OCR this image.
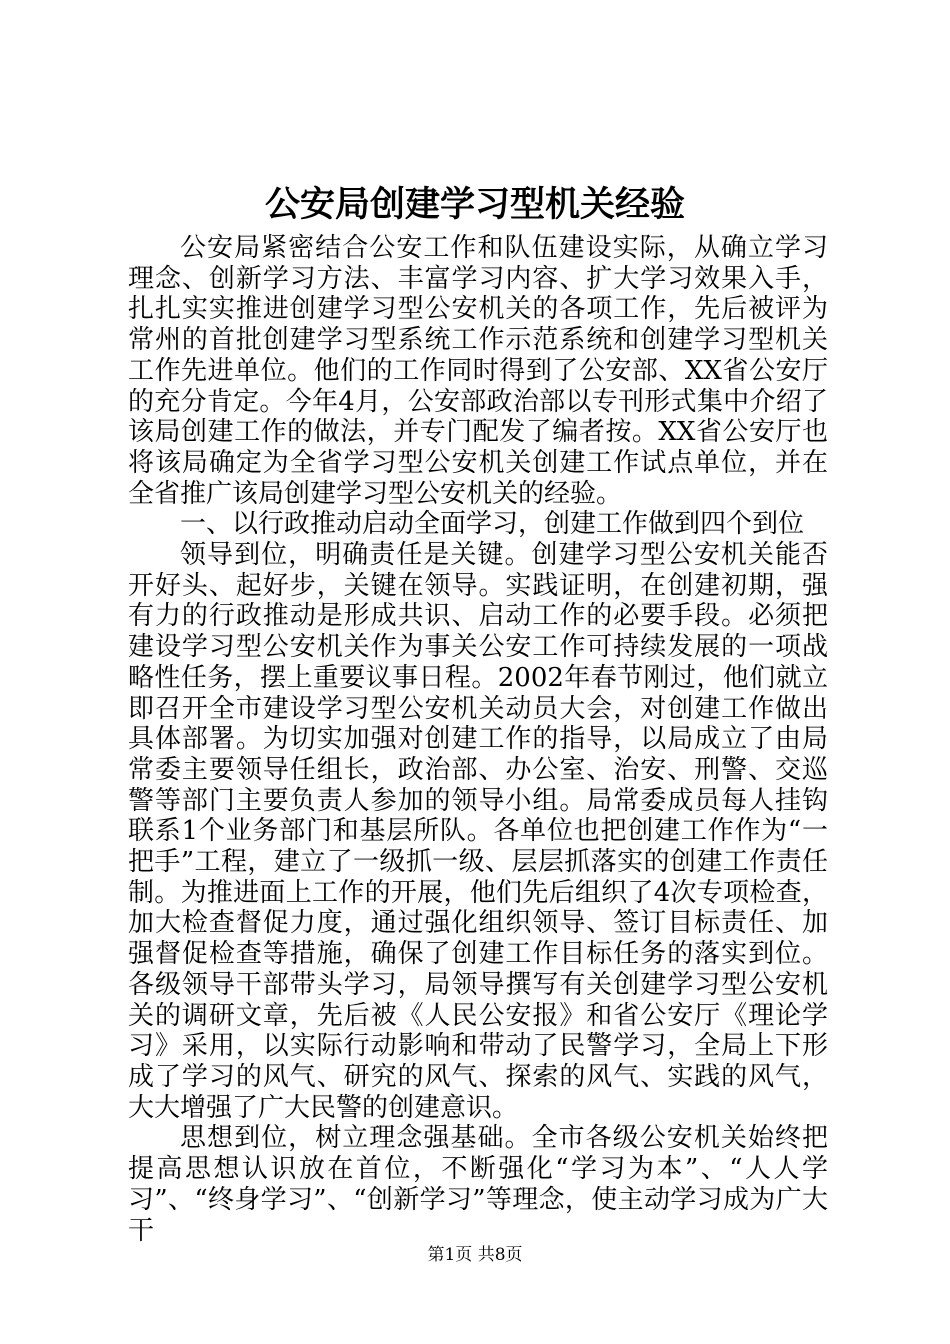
公安局创建学习型机关经验

公安局紧密结合公安工作和队伍建设实际，从确立学习理念、创新学习方法、丰富学习内容、扩大学习效果入手，扎扎实实推进创建学习型公安机关的各项工作，先后被评为常州的首批创建学习型系统工作示范系统和创建学习型机关工作先进单位。他们的工作同时得到了公安部、XX省公安厅的充分肯定。今年4月，公安部政治部以专刊形式集中介绍了该局创建工作的做法，并专门配发了编者按。XX省公安厅也将该局确定为全省学习型公安机关创建工作试点单位，并在全省推广该局创建学习型公安机关的经验。

一、以行政推动启动全面学习，创建工作做到四个到位

领导到位，明确责任是关键。创建学习型公安机关能否开好头、起好步，关键在领导。实践证明，在创建初期，强有力的行政推动是形成共识、启动工作的必要手段。必须把建设学习型公安机关作为事关公安工作可持续发展的一项战略性任务，摆上重要议事日程。2002年春节刚过，他们就立即召开全市建设学习型公安机关动员大会，对创建工作做出具体部署。为切实加强对创建工作的指导，以局成立了由局常委主要领导任组长，政治部、办公室、治安、刑警、交巡警等部门主要负责人参加的领导小组。局常委成员每人挂钩联系1个业务部门和基层所队。各单位也把创建工作作为“一把手”工程，建立了一级抓一级、层层抓落实的创建工作责任制。为推进面上工作的开展，他们先后组织了4次专项检查，加大检查督促力度，通过强化组织领导、签订目标责任、加强督促检查等措施，确保了创建工作目标任务的落实到位。各级领导干部带头学习，局领导撰写有关创建学习型公安机关的调研文章，先后被《人民公安报》和省公安厅《理论学习》采用，以实际行动影响和带动了民警学习，全局上下形成了学习的风气、研究的风气、探索的风气、实践的风气，大大增强了广大民警的创建意识。

思想到位，树立理念强基础。全市各级公安机关始终把提高思想认识放在首位，不断强化“学习为本”、“人人学习”、“终身学习”、“创新学习”等理念，使主动学习成为广大干

第1页 共8页
